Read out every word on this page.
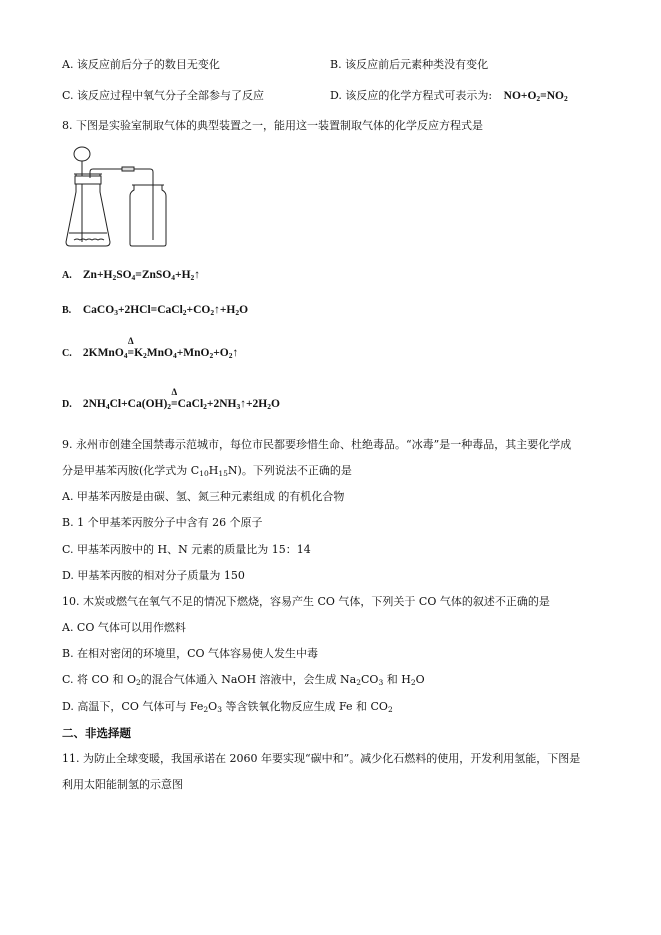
A. 该反应前后分子的数目无变化	B. 该反应前后元素种类没有变化
C. 该反应过程中氧气分子全部参与了反应	D. 该反应的化学方程式可表示为: $NO+O_2=NO_2$
8. 下图是实验室制取气体的典型装置之一，能用这一装置制取气体的化学反应方程式是
A. $Zn+H_2SO_4=ZnSO_4+H_2↑$
B. $CaCO_3+2HCl=CaCl_2+CO_2↑+H_2O$
C. 2KMnO$_4$
Δ
$=K_2MnO_4+MnO_2+O_2↑$
D. $2NH_4Cl+Ca(OH)_2$
Δ
$=CaCl_2+2NH_3↑+2H_2O$
9. 永州市创建全国禁毒示范城市，每位市民都要珍惜生命、杜绝毒品。“冰毒”是一种毒品，其主要化学成
分是甲基苯丙胺(化学式为 $C_{10}H_{15}N$)。下列说法不正确的是
A. 甲基苯丙胺是由碳、氢、氮三种元素组成 的有机化合物
B. 1 个甲基苯丙胺分子中含有 26 个原子
C. 甲基苯丙胺中的 H、N 元素的质量比为 15：14
D. 甲基苯丙胺的相对分子质量为 150
10. 木炭或燃气在氧气不足的情况下燃烧，容易产生 CO 气体，下列关于 CO 气体的叙述不正确的是
A. CO 气体可以用作燃料
B. 在相对密闭的环境里，CO 气体容易使人发生中毒
C. 将 CO 和 $O_2$的混合气体通入 NaOH 溶液中，会生成 $Na_2CO_3$ 和 $H_2O$
D. 高温下，CO 气体可与 $Fe_2O_3$ 等含铁氧化物反应生成 Fe 和 $CO_2$
二、非选择题
11. 为防止全球变暖，我国承诺在 2060 年要实现“碳中和”。减少化石燃料的使用，开发利用氢能，下图是
利用太阳能制氢的示意图
